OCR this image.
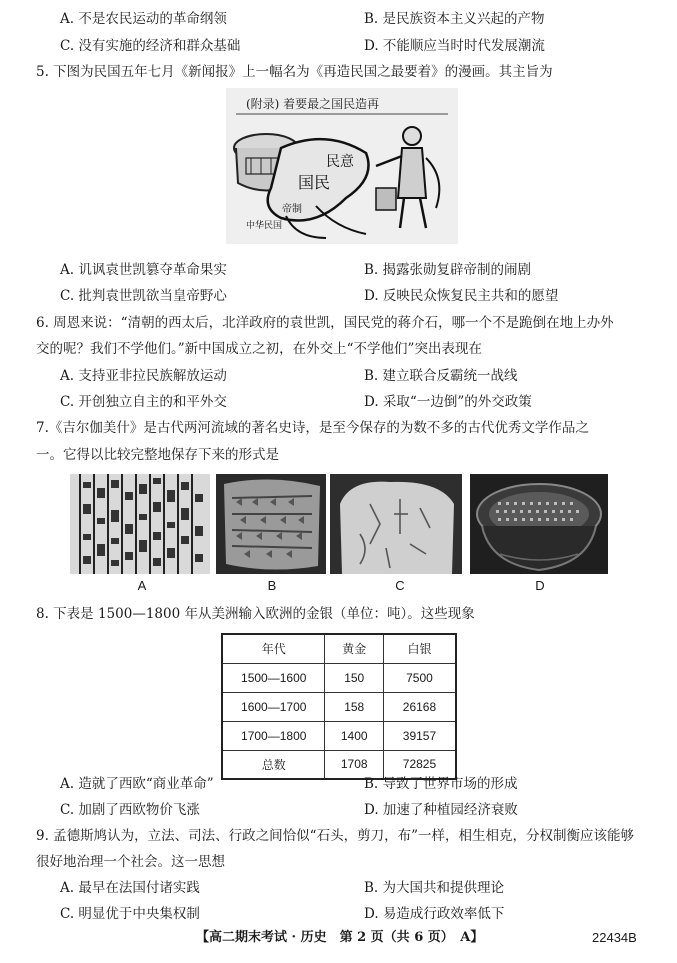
A. 不是农民运动的革命纲领	B. 是民族资本主义兴起的产物
C. 没有实施的经济和群众基础	D. 不能顺应当时时代发展潮流
5. 下图为民国五年七月《新闻报》上一幅名为《再造民国之最要着》的漫画。其主旨为
(附录) 着要最之国民造再
民意
国民
帝制
中华民国
A. 讥讽袁世凯篡夺革命果实	B. 揭露张勋复辟帝制的闹剧
C. 批判袁世凯欲当皇帝野心	D. 反映民众恢复民主共和的愿望
6. 周恩来说：“清朝的西太后，北洋政府的袁世凯，国民党的蒋介石，哪一个不是跪倒在地上办外
交的呢？我们不学他们。”新中国成立之初，在外交上“不学他们”突出表现在
A. 支持亚非拉民族解放运动	B. 建立联合反霸统一战线
C. 开创独立自主的和平外交	D. 采取“一边倒”的外交政策
7.《吉尔伽美什》是古代两河流域的著名史诗，是至今保存的为数不多的古代优秀文学作品之
一。它得以比较完整地保存下来的形式是
A	B	C	D
8. 下表是 1500—1800 年从美洲输入欧洲的金银（单位：吨）。这些现象
年代	黄金	白银
1500—1600	150	7500
1600—1700	158	26168
1700—1800	1400	39157
总数	1708	72825
A. 造就了西欧“商业革命”	B. 导致了世界市场的形成
C. 加剧了西欧物价飞涨	D. 加速了种植园经济衰败
9. 孟德斯鸠认为，立法、司法、行政之间恰似“石头，剪刀，布”一样，相生相克，分权制衡应该能够
很好地治理一个社会。这一思想
A. 最早在法国付诸实践	B. 为大国共和提供理论
C. 明显优于中央集权制	D. 易造成行政效率低下
【高二期末考试 · 历史　第 2 页（共 6 页）　A】	22434B
